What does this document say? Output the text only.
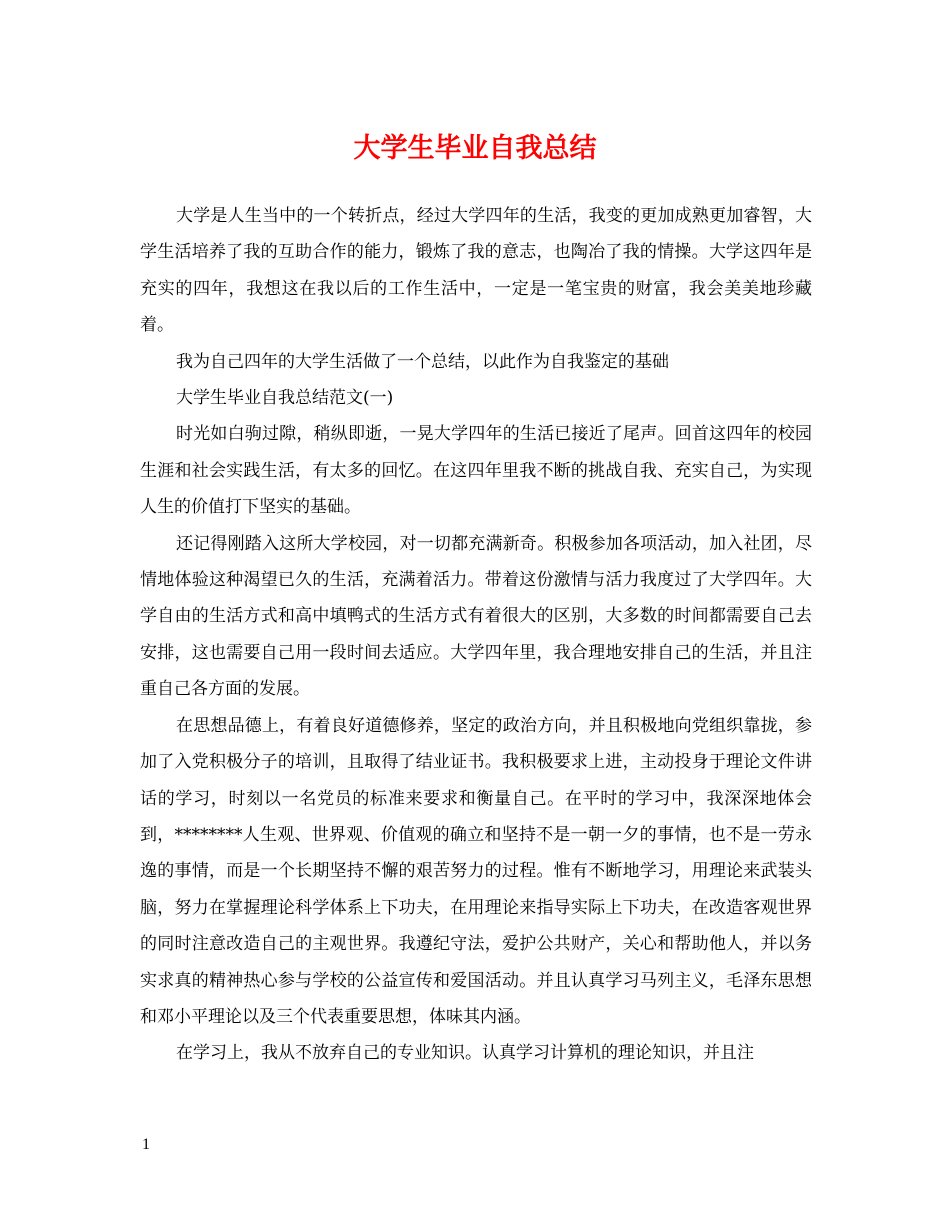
大学生毕业自我总结

大学是人生当中的一个转折点，经过大学四年的生活，我变的更加成熟更加睿智，大学生活培养了我的互助合作的能力，锻炼了我的意志，也陶冶了我的情操。大学这四年是充实的四年，我想这在我以后的工作生活中，一定是一笔宝贵的财富，我会美美地珍藏着。

我为自己四年的大学生活做了一个总结，以此作为自我鉴定的基础

大学生毕业自我总结范文(一)

时光如白驹过隙，稍纵即逝，一晃大学四年的生活已接近了尾声。回首这四年的校园生涯和社会实践生活，有太多的回忆。在这四年里我不断的挑战自我、充实自己，为实现人生的价值打下坚实的基础。

还记得刚踏入这所大学校园，对一切都充满新奇。积极参加各项活动，加入社团，尽情地体验这种渴望已久的生活，充满着活力。带着这份激情与活力我度过了大学四年。大学自由的生活方式和高中填鸭式的生活方式有着很大的区别，大多数的时间都需要自己去安排，这也需要自己用一段时间去适应。大学四年里，我合理地安排自己的生活，并且注重自己各方面的发展。

在思想品德上，有着良好道德修养，坚定的政治方向，并且积极地向党组织靠拢，参加了入党积极分子的培训，且取得了结业证书。我积极要求上进，主动投身于理论文件讲话的学习，时刻以一名党员的标准来要求和衡量自己。在平时的学习中，我深深地体会到，********人生观、世界观、价值观的确立和坚持不是一朝一夕的事情，也不是一劳永逸的事情，而是一个长期坚持不懈的艰苦努力的过程。惟有不断地学习，用理论来武装头脑，努力在掌握理论科学体系上下功夫，在用理论来指导实际上下功夫，在改造客观世界的同时注意改造自己的主观世界。我遵纪守法，爱护公共财产，关心和帮助他人，并以务实求真的精神热心参与学校的公益宣传和爱国活动。并且认真学习马列主义，毛泽东思想和邓小平理论以及三个代表重要思想，体味其内涵。

在学习上，我从不放弃自己的专业知识。认真学习计算机的理论知识，并且注

1
